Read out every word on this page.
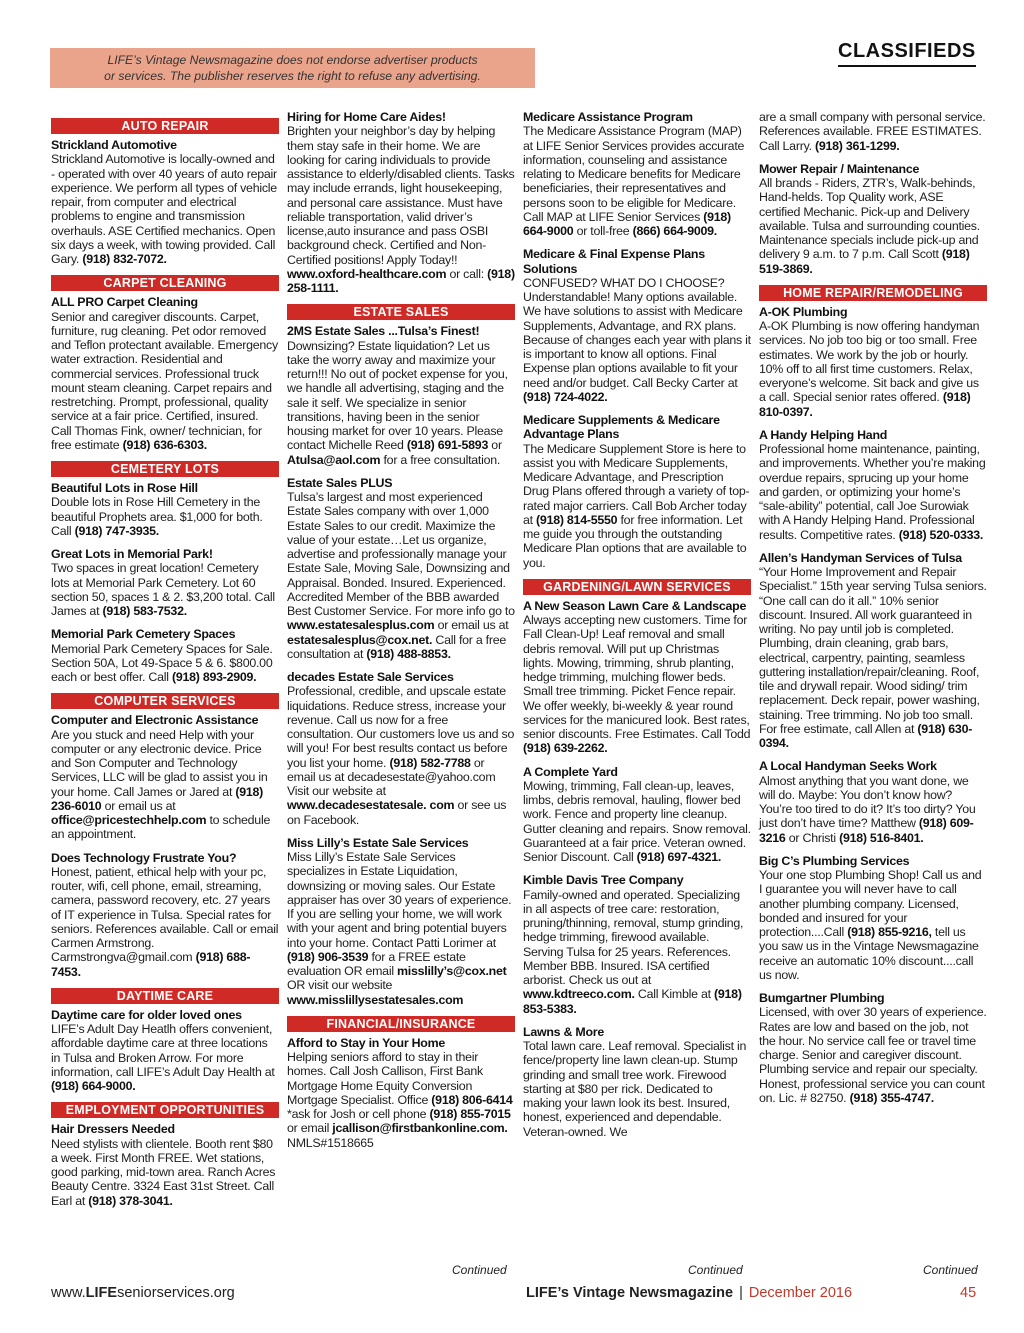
LIFE’s Vintage Newsmagazine does not endorse advertiser products
or services. The publisher reserves the right to refuse any advertising.
CLASSIFIEDS
AUTO REPAIR
Strickland Automotive
Strickland Automotive is locally-owned and - operated with over 40 years of auto repair experience. We perform all types of vehicle repair, from computer and electrical problems to engine and transmission overhauls. ASE Certified mechanics. Open six days a week, with towing provided. Call Gary. (918) 832-7072.
CARPET CLEANING
ALL PRO Carpet Cleaning
Senior and caregiver discounts. Carpet, furniture, rug cleaning. Pet odor removed and Teflon protectant available. Emergency water extraction. Residential and commercial services. Professional truck mount steam cleaning. Carpet repairs and restretching. Prompt, professional, quality service at a fair price. Certified, insured. Call Thomas Fink, owner/ technician, for free estimate (918) 636-6303.
CEMETERY LOTS
Beautiful Lots in Rose Hill
Double lots in Rose Hill Cemetery in the beautiful Prophets area. $1,000 for both. Call (918) 747-3935.
Great Lots in Memorial Park!
Two spaces in great location! Cemetery lots at Memorial Park Cemetery. Lot 60 section 50, spaces 1 & 2. $3,200 total. Call James at (918) 583-7532.
Memorial Park Cemetery Spaces
Memorial Park Cemetery Spaces for Sale. Section 50A, Lot 49-Space 5 & 6. $800.00 each or best offer. Call (918) 893-2909.
COMPUTER SERVICES
Computer and Electronic Assistance
Are you stuck and need Help with your computer or any electronic device. Price and Son Computer and Technology Services, LLC will be glad to assist you in your home. Call James or Jared at (918) 236-6010 or email us at office@pricestechhelp.com to schedule an appointment.
Does Technology Frustrate You?
Honest, patient, ethical help with your pc, router, wifi, cell phone, email, streaming, camera, password recovery, etc. 27 years of IT experience in Tulsa. Special rates for seniors. References available. Call or email Carmen Armstrong. Carmstrongva@gmail.com (918) 688-7453.
DAYTIME CARE
Daytime care for older loved ones
LIFE’s Adult Day Heatlh offers convenient, affordable daytime care at three locations in Tulsa and Broken Arrow. For more information, call LIFE’s Adult Day Health at (918) 664-9000.
EMPLOYMENT OPPORTUNITIES
Hair Dressers Needed
Need stylists with clientele. Booth rent $80 a week. First Month FREE. Wet stations, good parking, mid-town area. Ranch Acres Beauty Centre. 3324 East 31st Street. Call Earl at (918) 378-3041.
Hiring for Home Care Aides!
Brighten your neighbor’s day by helping them stay safe in their home. We are looking for caring individuals to provide assistance to elderly/disabled clients. Tasks may include errands, light housekeeping, and personal care assistance. Must have reliable transportation, valid driver’s license,auto insurance and pass OSBI background check. Certified and Non-Certified positions! Apply Today!! www.oxford-healthcare.com or call: (918) 258-1111.
ESTATE SALES
2MS Estate Sales ...Tulsa’s Finest!
Downsizing? Estate liquidation? Let us take the worry away and maximize your return!!! No out of pocket expense for you, we handle all advertising, staging and the sale it self. We specialize in senior transitions, having been in the senior housing market for over 10 years. Please contact Michelle Reed (918) 691-5893 or Atulsa@aol.com for a free consultation.
Estate Sales PLUS
Tulsa’s largest and most experienced Estate Sales company with over 1,000 Estate Sales to our credit. Maximize the value of your estate…Let us organize, advertise and professionally manage your Estate Sale, Moving Sale, Downsizing and Appraisal. Bonded. Insured. Experienced. Accredited Member of the BBB awarded Best Customer Service. For more info go to www.estatesalesplus.com or email us at estatesalesplus@cox.net. Call for a free consultation at (918) 488-8853.
decades Estate Sale Services
Professional, credible, and upscale estate liquidations. Reduce stress, increase your revenue. Call us now for a free consultation. Our customers love us and so will you! For best results contact us before you list your home. (918) 582-7788 or email us at decadesestate@yahoo.com Visit our website at www.decadesestatesale. com or see us on Facebook.
Miss Lilly’s Estate Sale Services
Miss Lilly’s Estate Sale Services specializes in Estate Liquidation, downsizing or moving sales. Our Estate appraiser has over 30 years of experience. If you are selling your home, we will work with your agent and bring potential buyers into your home. Contact Patti Lorimer at (918) 906-3539 for a FREE estate evaluation OR email misslilly’s@cox.net OR visit our website www.misslillysestatesales.com
FINANCIAL/INSURANCE
Afford to Stay in Your Home
Helping seniors afford to stay in their homes. Call Josh Callison, First Bank Mortgage Home Equity Conversion Mortgage Specialist. Office (918) 806-6414 *ask for Josh or cell phone (918) 855-7015 or email jcallison@firstbankonline.com. NMLS#1518665
Medicare Assistance Program
The Medicare Assistance Program (MAP) at LIFE Senior Services provides accurate information, counseling and assistance relating to Medicare benefits for Medicare beneficiaries, their representatives and persons soon to be eligible for Medicare. Call MAP at LIFE Senior Services (918) 664-9000 or toll-free (866) 664-9009.
Medicare & Final Expense Plans Solutions
CONFUSED? WHAT DO I CHOOSE? Understandable! Many options available. We have solutions to assist with Medicare Supplements, Advantage, and RX plans. Because of changes each year with plans it is important to know all options. Final Expense plan options available to fit your need and/or budget. Call Becky Carter at (918) 724-4022.
Medicare Supplements & Medicare Advantage Plans
The Medicare Supplement Store is here to assist you with Medicare Supplements, Medicare Advantage, and Prescription Drug Plans offered through a variety of top-rated major carriers. Call Bob Archer today at (918) 814-5550 for free information. Let me guide you through the outstanding Medicare Plan options that are available to you.
GARDENING/LAWN SERVICES
A New Season Lawn Care & Landscape
Always accepting new customers. Time for Fall Clean-Up! Leaf removal and small debris removal. Will put up Christmas lights. Mowing, trimming, shrub planting, hedge trimming, mulching flower beds. Small tree trimming. Picket Fence repair. We offer weekly, bi-weekly & year round services for the manicured look. Best rates, senior discounts. Free Estimates. Call Todd (918) 639-2262.
A Complete Yard
Mowing, trimming, Fall clean-up, leaves, limbs, debris removal, hauling, flower bed work. Fence and property line cleanup. Gutter cleaning and repairs. Snow removal. Guaranteed at a fair price. Veteran owned. Senior Discount. Call (918) 697-4321.
Kimble Davis Tree Company
Family-owned and operated. Specializing in all aspects of tree care: restoration, pruning/thinning, removal, stump grinding, hedge trimming, firewood available. Serving Tulsa for 25 years. References. Member BBB. Insured. ISA certified arborist. Check us out at www.kdtreeco.com. Call Kimble at (918) 853-5383.
Lawns & More
Total lawn care. Leaf removal. Specialist in fence/property line lawn clean-up. Stump grinding and small tree work. Firewood starting at $80 per rick. Dedicated to making your lawn look its best. Insured, honest, experienced and dependable. Veteran-owned. We
are a small company with personal service. References available. FREE ESTIMATES. Call Larry. (918) 361-1299.
Mower Repair / Maintenance
All brands - Riders, ZTR’s, Walk-behinds, Hand-helds. Top Quality work, ASE certified Mechanic. Pick-up and Delivery available. Tulsa and surrounding counties. Maintenance specials include pick-up and delivery 9 a.m. to 7 p.m. Call Scott (918) 519-3869.
HOME REPAIR/REMODELING
A-OK Plumbing
A-OK Plumbing is now offering handyman services. No job too big or too small. Free estimates. We work by the job or hourly. 10% off to all first time customers. Relax, everyone’s welcome. Sit back and give us a call. Special senior rates offered. (918) 810-0397.
A Handy Helping Hand
Professional home maintenance, painting, and improvements. Whether you’re making overdue repairs, sprucing up your home and garden, or optimizing your home’s “sale-ability” potential, call Joe Surowiak with A Handy Helping Hand. Professional results. Competitive rates. (918) 520-0333.
Allen’s Handyman Services of Tulsa
“Your Home Improvement and Repair Specialist.” 15th year serving Tulsa seniors. “One call can do it all.” 10% senior discount. Insured. All work guaranteed in writing. No pay until job is completed. Plumbing, drain cleaning, grab bars, electrical, carpentry, painting, seamless guttering installation/repair/cleaning. Roof, tile and drywall repair. Wood siding/ trim replacement. Deck repair, power washing, staining. Tree trimming. No job too small. For free estimate, call Allen at (918) 630-0394.
A Local Handyman Seeks Work
Almost anything that you want done, we will do. Maybe: You don’t know how? You’re too tired to do it? It’s too dirty? You just don’t have time? Matthew (918) 609-3216 or Christi (918) 516-8401.
Big C’s Plumbing Services
Your one stop Plumbing Shop! Call us and I guarantee you will never have to call another plumbing company. Licensed, bonded and insured for your protection....Call (918) 855-9216, tell us you saw us in the Vintage Newsmagazine receive an automatic 10% discount....call us now.
Bumgartner Plumbing
Licensed, with over 30 years of experience. Rates are low and based on the job, not the hour. No service call fee or travel time charge. Senior and caregiver discount. Plumbing service and repair our specialty. Honest, professional service you can count on. Lic. # 82750. (918) 355-4747.
Continued	Continued	Continued
www.LIFEseniorservices.org	LIFE’s Vintage Newsmagazine | December 2016	45
